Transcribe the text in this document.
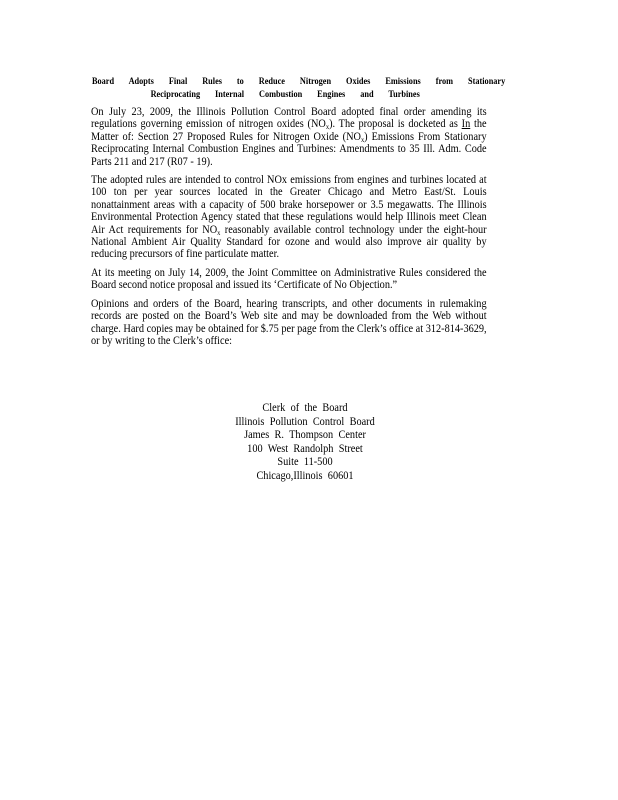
Board Adopts Final Rules to Reduce Nitrogen Oxides Emissions from Stationary
Reciprocating Internal Combustion Engines and Turbines

On July 23, 2009, the Illinois Pollution Control Board adopted final order amending its regulations governing emission of nitrogen oxides $(NO_x)$. The proposal is docketed as In the Matter of: Section 27 Proposed Rules for Nitrogen Oxide $(NO_x)$ Emissions From Stationary Reciprocating Internal Combustion Engines and Turbines: Amendments to 35 Ill. Adm. Code Parts 211 and 217 (R07 - 19).

The adopted rules are intended to control NOx emissions from engines and turbines located at 100 ton per year sources located in the Greater Chicago and Metro East/St. Louis nonattainment areas with a capacity of 500 brake horsepower or 3.5 megawatts. The Illinois Environmental Protection Agency stated that these regulations would help Illinois meet Clean Air Act requirements for $NO_x$ reasonably available control technology under the eight-hour National Ambient Air Quality Standard for ozone and would also improve air quality by reducing precursors of fine particulate matter.

At its meeting on July 14, 2009, the Joint Committee on Administrative Rules considered the Board second notice proposal and issued its ‘Certificate of No Objection.”

Opinions and orders of the Board, hearing transcripts, and other documents in rulemaking records are posted on the Board’s Web site and may be downloaded from the Web without charge. Hard copies may be obtained for $.75 per page from the Clerk’s office at 312-814-3629, or by writing to the Clerk’s office:

Clerk of the Board
Illinois Pollution Control Board
James R. Thompson Center
100 West Randolph Street
Suite 11-500
Chicago,Illinois 60601
